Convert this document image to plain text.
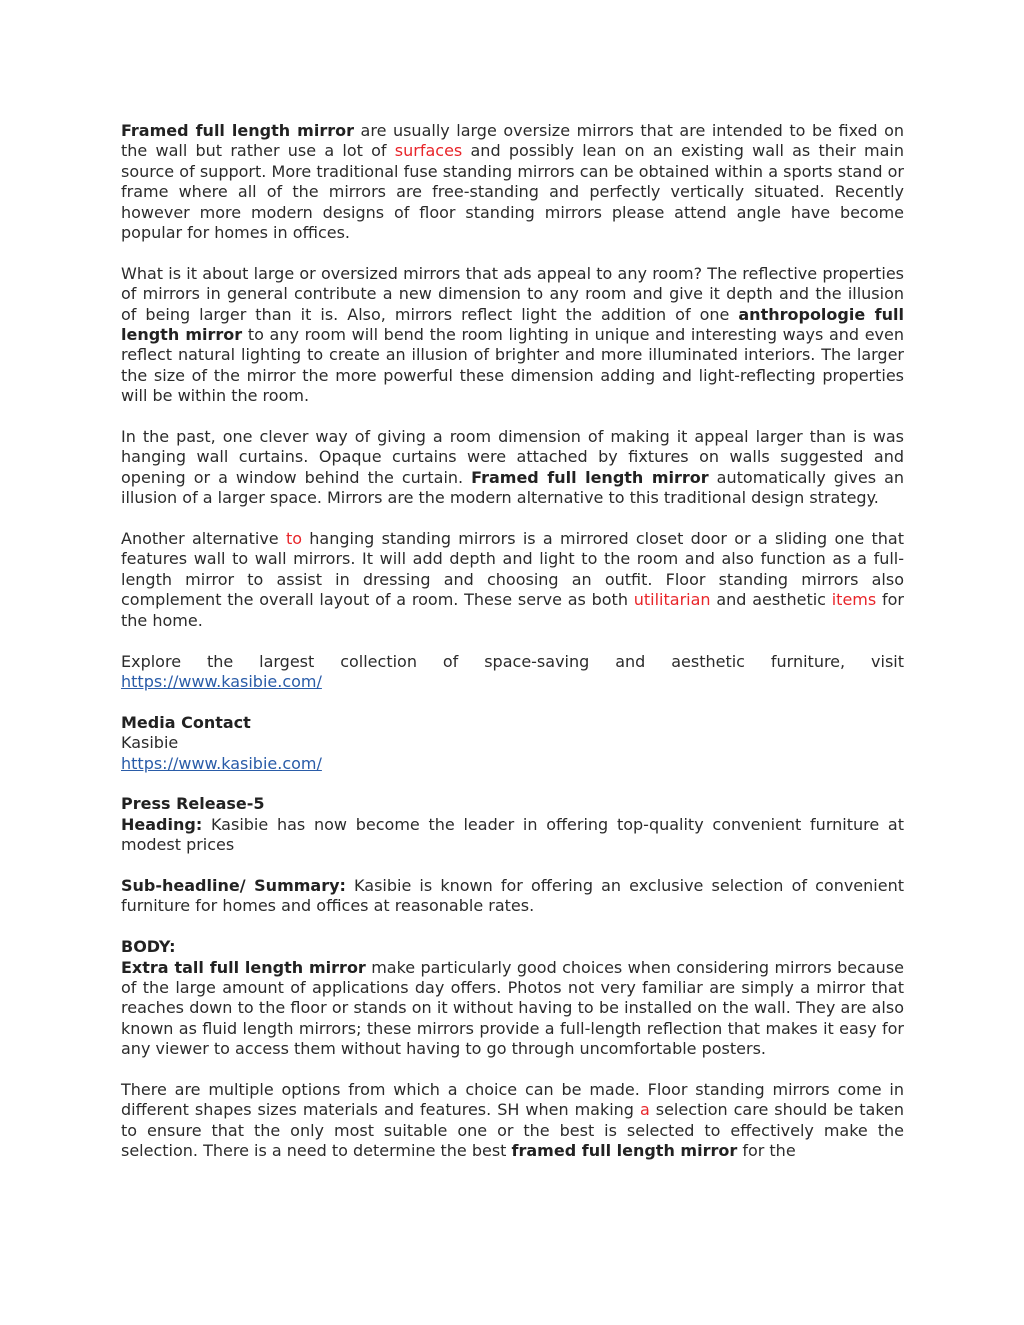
Framed full length mirror are usually large oversize mirrors that are intended to be fixed on the wall but rather use a lot of surfaces and possibly lean on an existing wall as their main source of support. More traditional fuse standing mirrors can be obtained within a sports stand or frame where all of the mirrors are free-standing and perfectly vertically situated. Recently however more modern designs of floor standing mirrors please attend angle have become popular for homes in offices.

What is it about large or oversized mirrors that ads appeal to any room? The reflective properties of mirrors in general contribute a new dimension to any room and give it depth and the illusion of being larger than it is. Also, mirrors reflect light the addition of one anthropologie full length mirror to any room will bend the room lighting in unique and interesting ways and even reflect natural lighting to create an illusion of brighter and more illuminated interiors. The larger the size of the mirror the more powerful these dimension adding and light-reflecting properties will be within the room.

In the past, one clever way of giving a room dimension of making it appeal larger than is was hanging wall curtains. Opaque curtains were attached by fixtures on walls suggested and opening or a window behind the curtain. Framed full length mirror automatically gives an illusion of a larger space. Mirrors are the modern alternative to this traditional design strategy.

Another alternative to hanging standing mirrors is a mirrored closet door or a sliding one that features wall to wall mirrors. It will add depth and light to the room and also function as a full-length mirror to assist in dressing and choosing an outfit. Floor standing mirrors also complement the overall layout of a room. These serve as both utilitarian and aesthetic items for the home.

Explore the largest collection of space-saving and aesthetic furniture, visit https://www.kasibie.com/

Media Contact
Kasibie
https://www.kasibie.com/

Press Release-5
Heading: Kasibie has now become the leader in offering top-quality convenient furniture at modest prices

Sub-headline/ Summary: Kasibie is known for offering an exclusive selection of convenient furniture for homes and offices at reasonable rates.

BODY:
Extra tall full length mirror make particularly good choices when considering mirrors because of the large amount of applications day offers. Photos not very familiar are simply a mirror that reaches down to the floor or stands on it without having to be installed on the wall. They are also known as fluid length mirrors; these mirrors provide a full-length reflection that makes it easy for any viewer to access them without having to go through uncomfortable posters.

There are multiple options from which a choice can be made. Floor standing mirrors come in different shapes sizes materials and features. SH when making a selection care should be taken to ensure that the only most suitable one or the best is selected to effectively make the selection. There is a need to determine the best framed full length mirror for the
